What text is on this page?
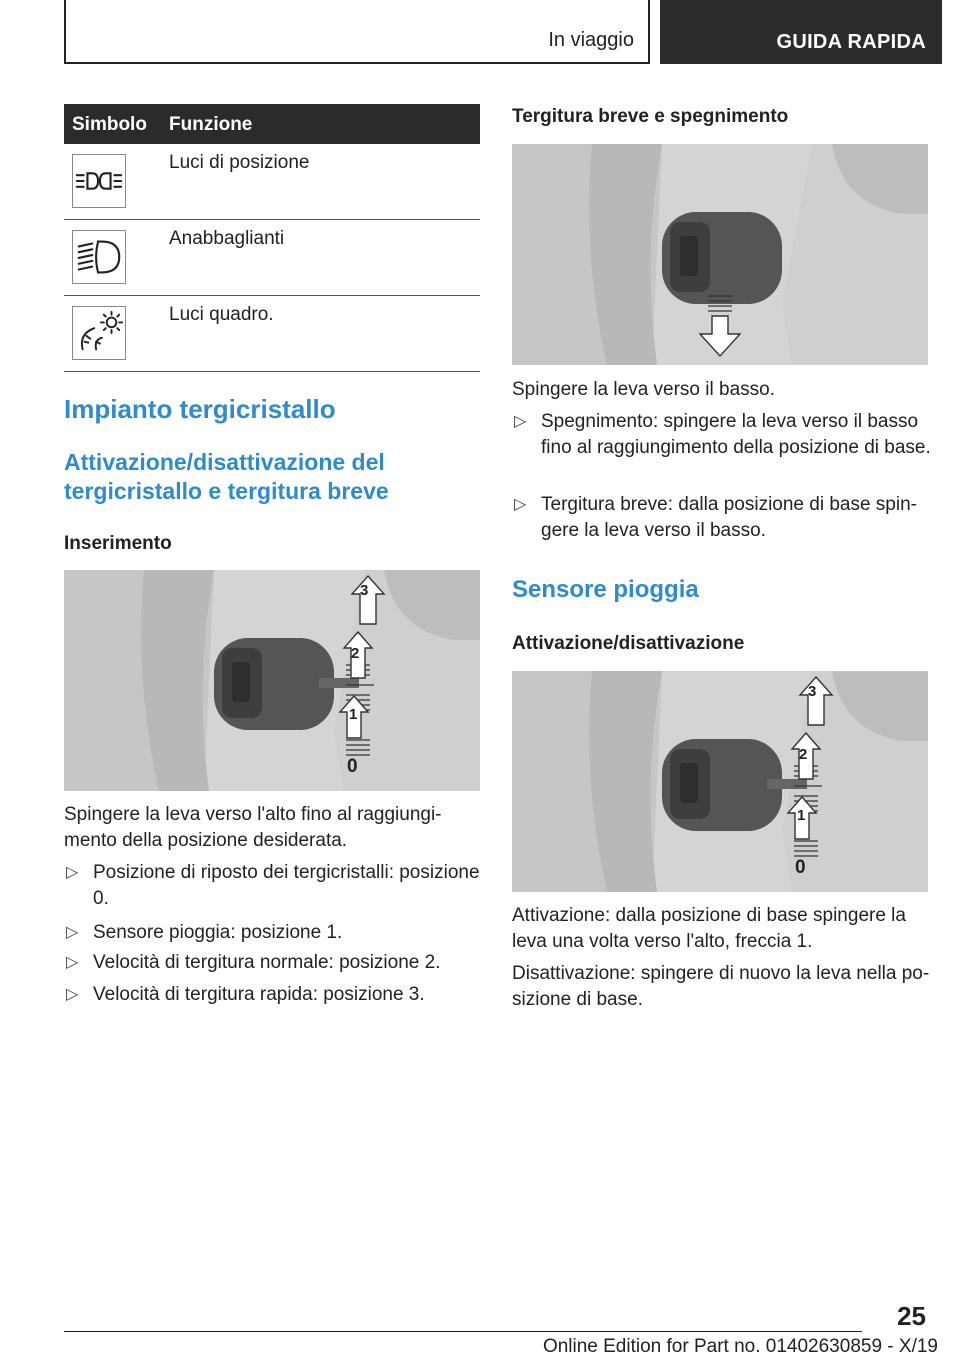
In viaggio	GUIDA RAPIDA
Simbolo Funzione
Luci di posizione
Anabbaglianti
Luci quadro.
Impianto tergicristallo
Attivazione/disattivazione del tergicristallo e tergitura breve
Inserimento
3
2
1
0
Spingere la leva verso l'alto fino al raggiungi-
mento della posizione desiderata.
▷ Posizione di riposto dei tergicristalli: posizione 0.
▷ Sensore pioggia: posizione 1.
▷ Velocità di tergitura normale: posizione 2.
▷ Velocità di tergitura rapida: posizione 3.
Tergitura breve e spegnimento
Spingere la leva verso il basso.
▷ Spegnimento: spingere la leva verso il basso fino al raggiungimento della posizione di base.
▷ Tergitura breve: dalla posizione di base spin-gere la leva verso il basso.
Sensore pioggia
Attivazione/disattivazione
3
2
1
0
Attivazione: dalla posizione di base spingere la leva una volta verso l'alto, freccia 1.
Disattivazione: spingere di nuovo la leva nella po-sizione di base.
25
Online Edition for Part no. 01402630859 - X/19
